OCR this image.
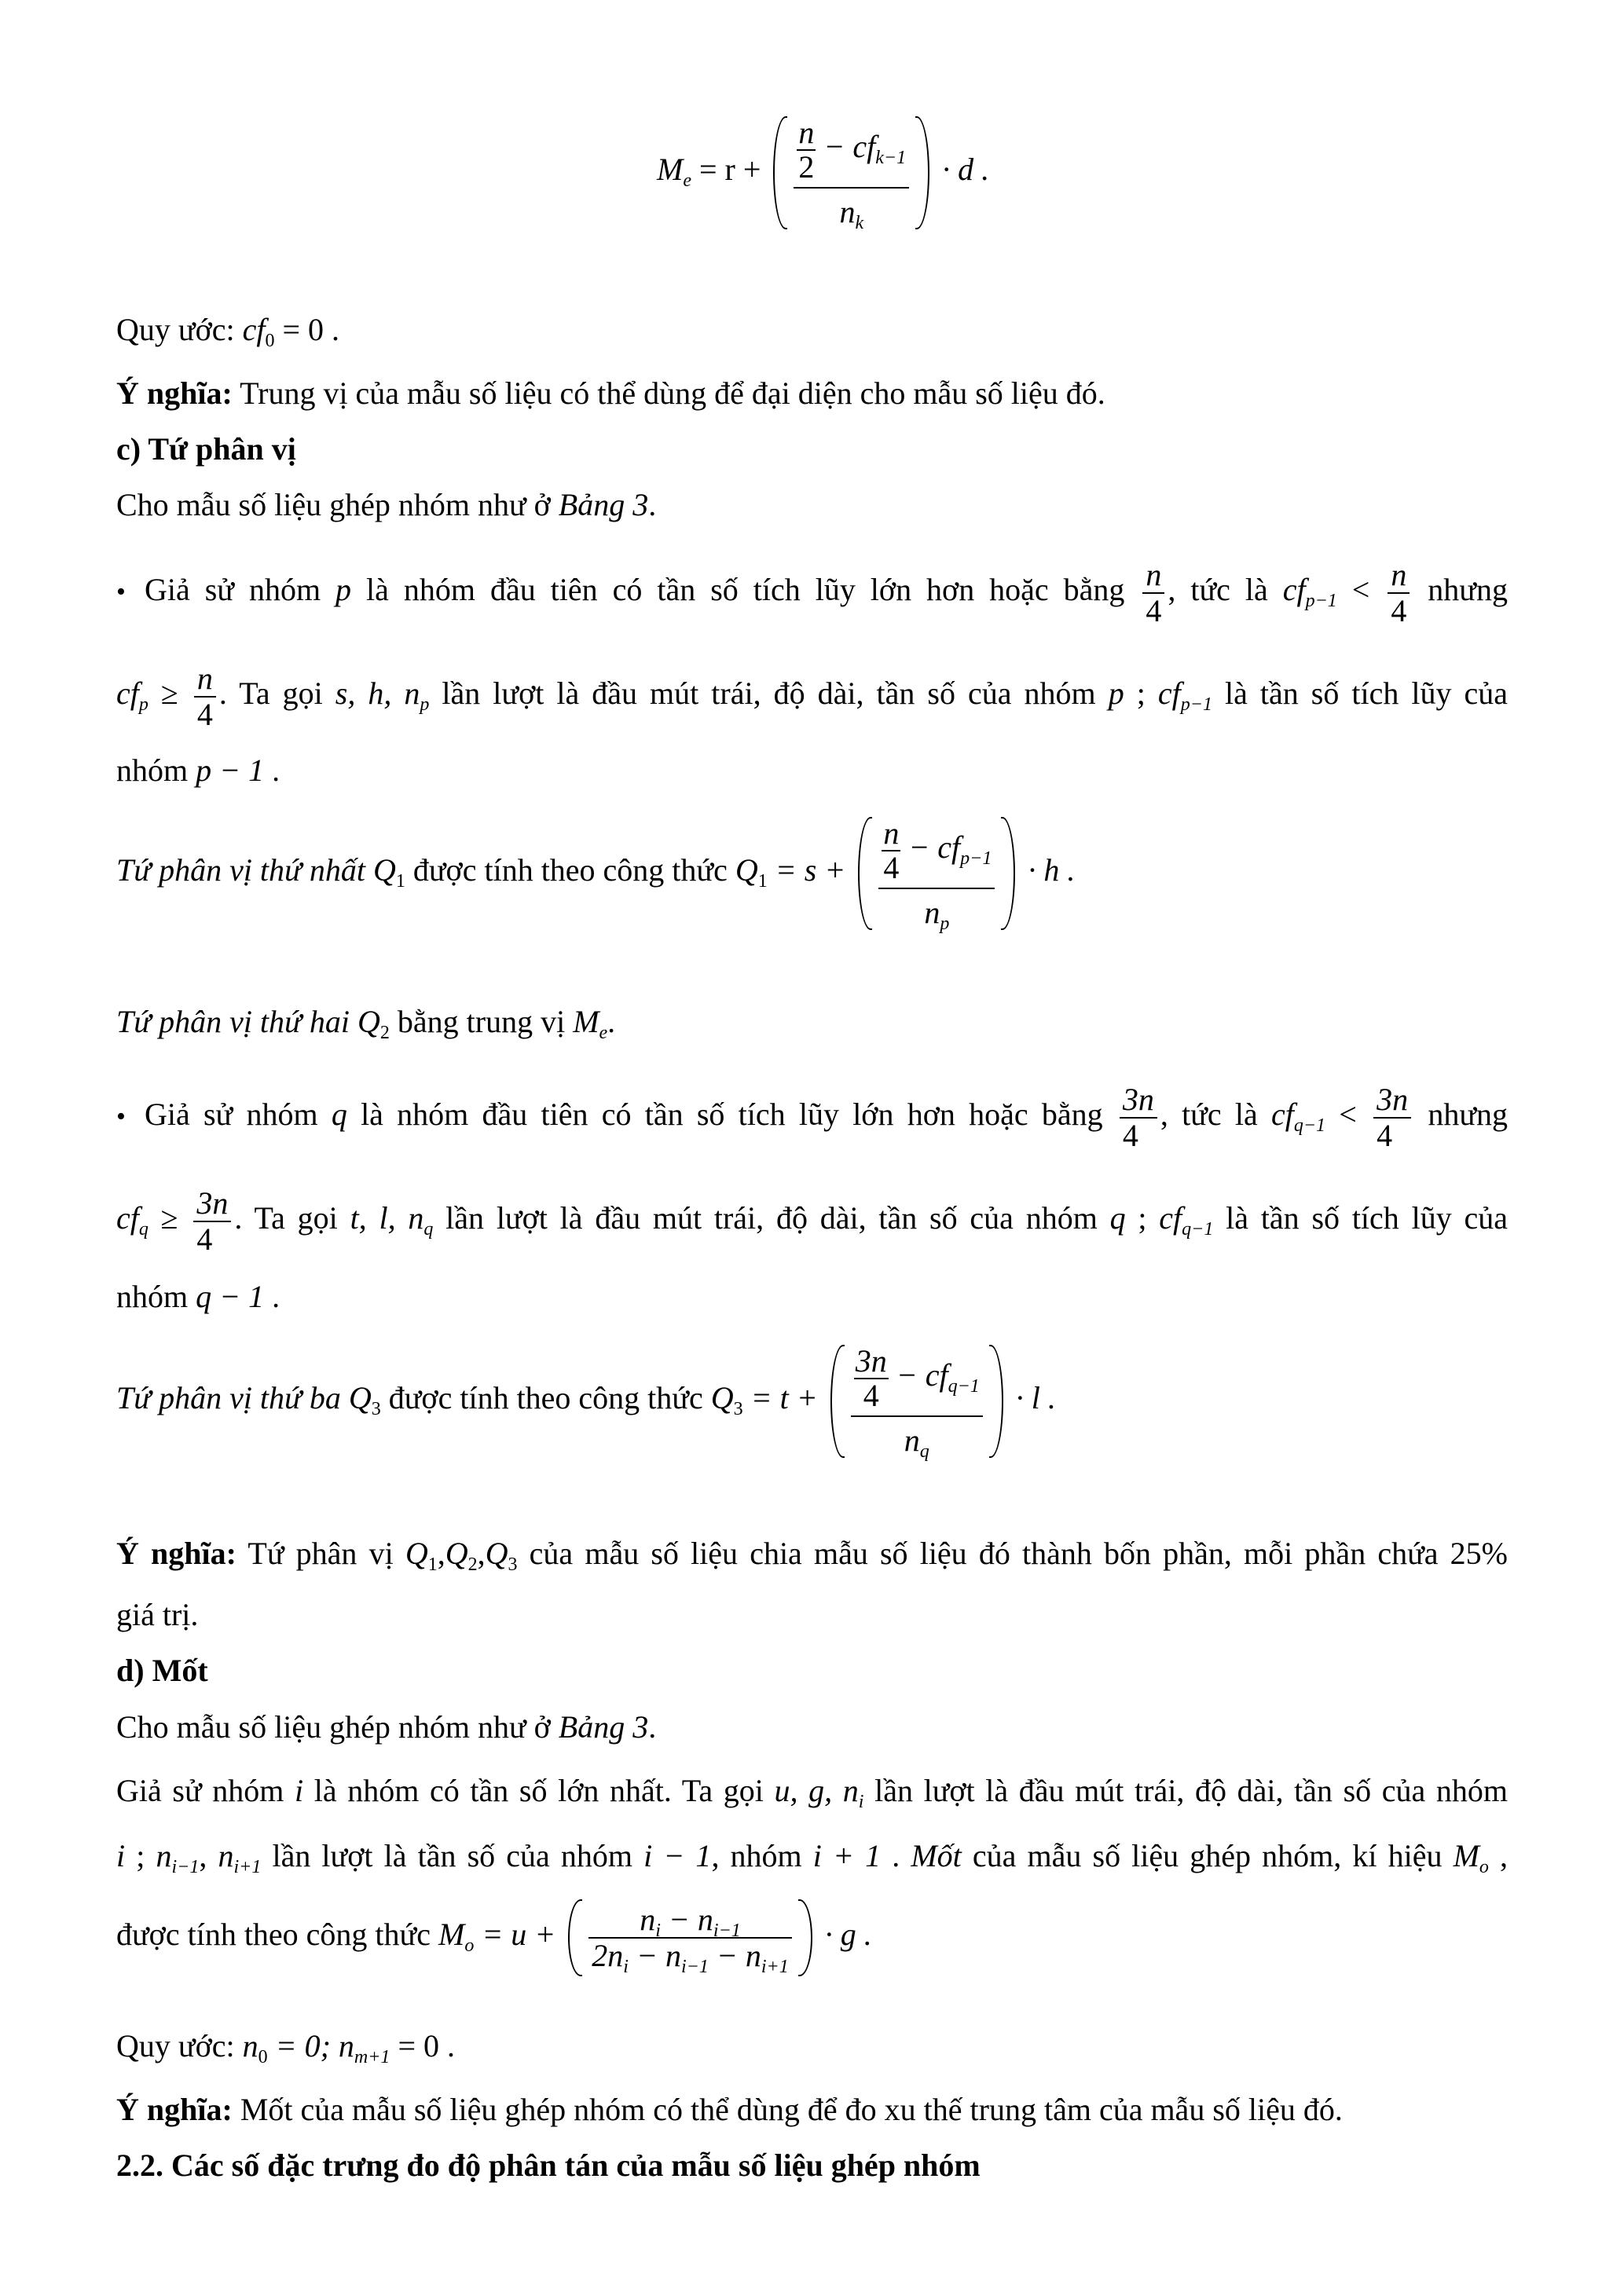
$M_e = r + \frac{\frac{n}{2} - cf_{k-1}}{n_k} \cdot d$ .
Quy ước: $cf_0 = 0$ .
Ý nghĩa: Trung vị của mẫu số liệu có thể dùng để đại diện cho mẫu số liệu đó.
c) Tứ phân vị
Cho mẫu số liệu ghép nhóm như ở Bảng 3.
• Giả sử nhóm p là nhóm đầu tiên có tần số tích lũy lớn hơn hoặc bằng $\frac{n}{4}$ , tức là $cf_{p-1} < \frac{n}{4}$ nhưng
$cf_p \ge \frac{n}{4}$ . Ta gọi s, h, $n_p$ lần lượt là đầu mút trái, độ dài, tần số của nhóm p ; $cf_{p-1}$ là tần số tích lũy của
nhóm p − 1 .
Tứ phân vị thứ nhất $Q_1$ được tính theo công thức $Q_1 = s + \frac{\frac{n}{4} - cf_{p-1}}{n_p} \cdot h$ .
Tứ phân vị thứ hai $Q_2$ bằng trung vị $M_e$.
• Giả sử nhóm q là nhóm đầu tiên có tần số tích lũy lớn hơn hoặc bằng $\frac{3n}{4}$ , tức là $cf_{q-1} < \frac{3n}{4}$ nhưng
$cf_q \ge \frac{3n}{4}$ . Ta gọi t, l, $n_q$ lần lượt là đầu mút trái, độ dài, tần số của nhóm q ; $cf_{q-1}$ là tần số tích lũy của
nhóm q − 1 .
Tứ phân vị thứ ba $Q_3$ được tính theo công thức $Q_3 = t + \frac{\frac{3n}{4} - cf_{q-1}}{n_q} \cdot l$ .
Ý nghĩa: Tứ phân vị $Q_1,Q_2,Q_3$ của mẫu số liệu chia mẫu số liệu đó thành bốn phần, mỗi phần chứa 25%
giá trị.
d) Mốt
Cho mẫu số liệu ghép nhóm như ở Bảng 3.
Giả sử nhóm i là nhóm có tần số lớn nhất. Ta gọi u, g, $n_i$ lần lượt là đầu mút trái, độ dài, tần số của nhóm
i ; $n_{i-1}$, $n_{i+1}$ lần lượt là tần số của nhóm i − 1, nhóm i + 1 . Mốt của mẫu số liệu ghép nhóm, kí hiệu $M_o$ ,
được tính theo công thức $M_o = u + \frac{n_i - n_{i-1}}{2n_i - n_{i-1} - n_{i+1}} \cdot g$ .
Quy ước: $n_0 = 0$; $n_{m+1} = 0$ .
Ý nghĩa: Mốt của mẫu số liệu ghép nhóm có thể dùng để đo xu thế trung tâm của mẫu số liệu đó.
2.2. Các số đặc trưng đo độ phân tán của mẫu số liệu ghép nhóm
